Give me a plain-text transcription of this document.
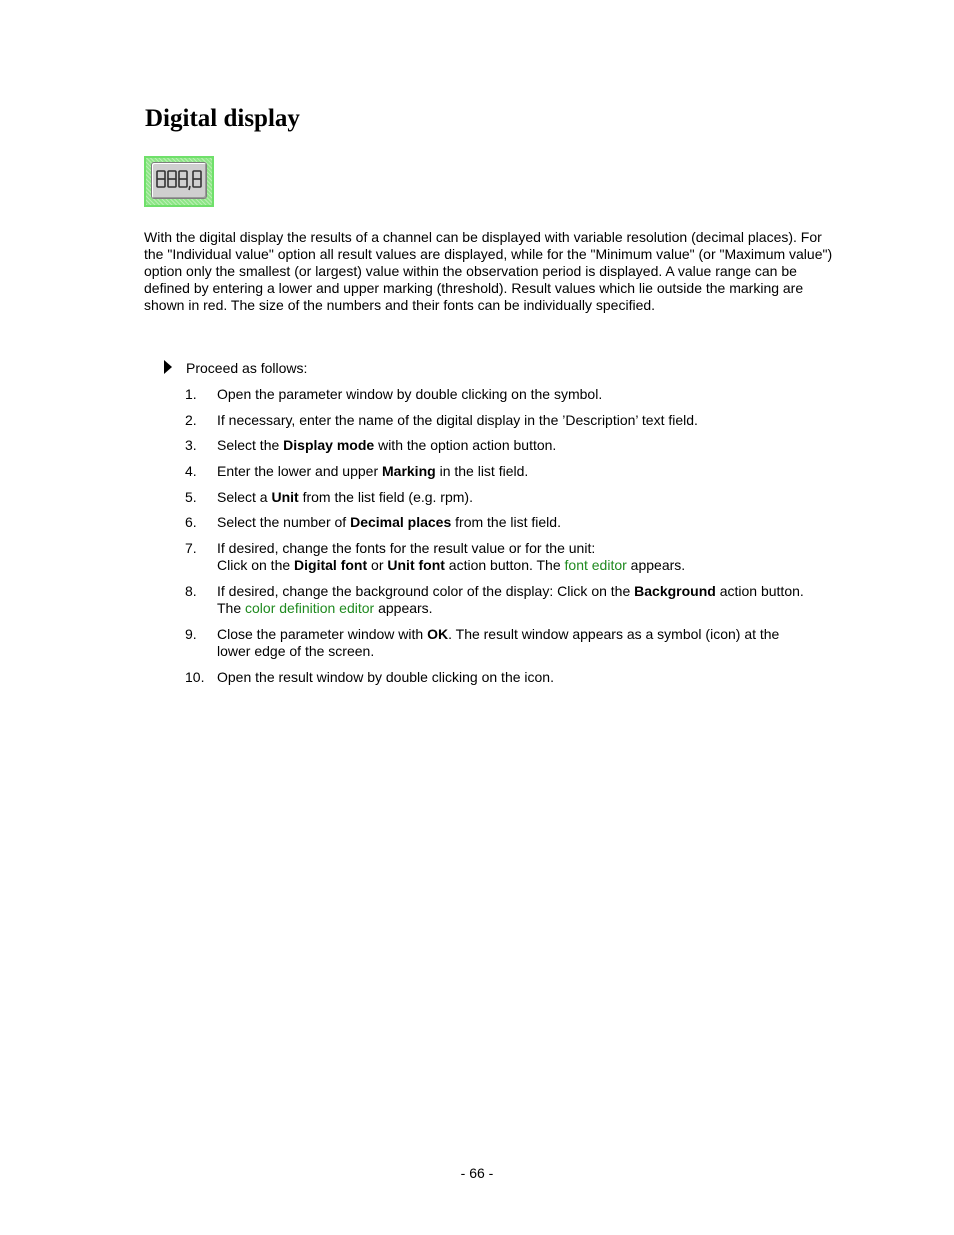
Digital display

With the digital display the results of a channel can be displayed with variable resolution (decimal places). For the "Individual value" option all result values are displayed, while for the "Minimum value" (or "Maximum value") option only the smallest (or largest) value within the observation period is displayed. A value range can be defined by entering a lower and upper marking (threshold). Result values which lie outside the marking are shown in red. The size of the numbers and their fonts can be individually specified.

Proceed as follows:
1. Open the parameter window by double clicking on the symbol.
2. If necessary, enter the name of the digital display in the ’Description’ text field.
3. Select the Display mode with the option action button.
4. Enter the lower and upper Marking in the list field.
5. Select a Unit from the list field (e.g. rpm).
6. Select the number of Decimal places from the list field.
7. If desired, change the fonts for the result value or for the unit:
Click on the Digital font or Unit font action button. The font editor appears.
8. If desired, change the background color of the display: Click on the Background action button.
The color definition editor appears.
9. Close the parameter window with OK. The result window appears as a symbol (icon) at the
lower edge of the screen.
10. Open the result window by double clicking on the icon.
- 66 -
